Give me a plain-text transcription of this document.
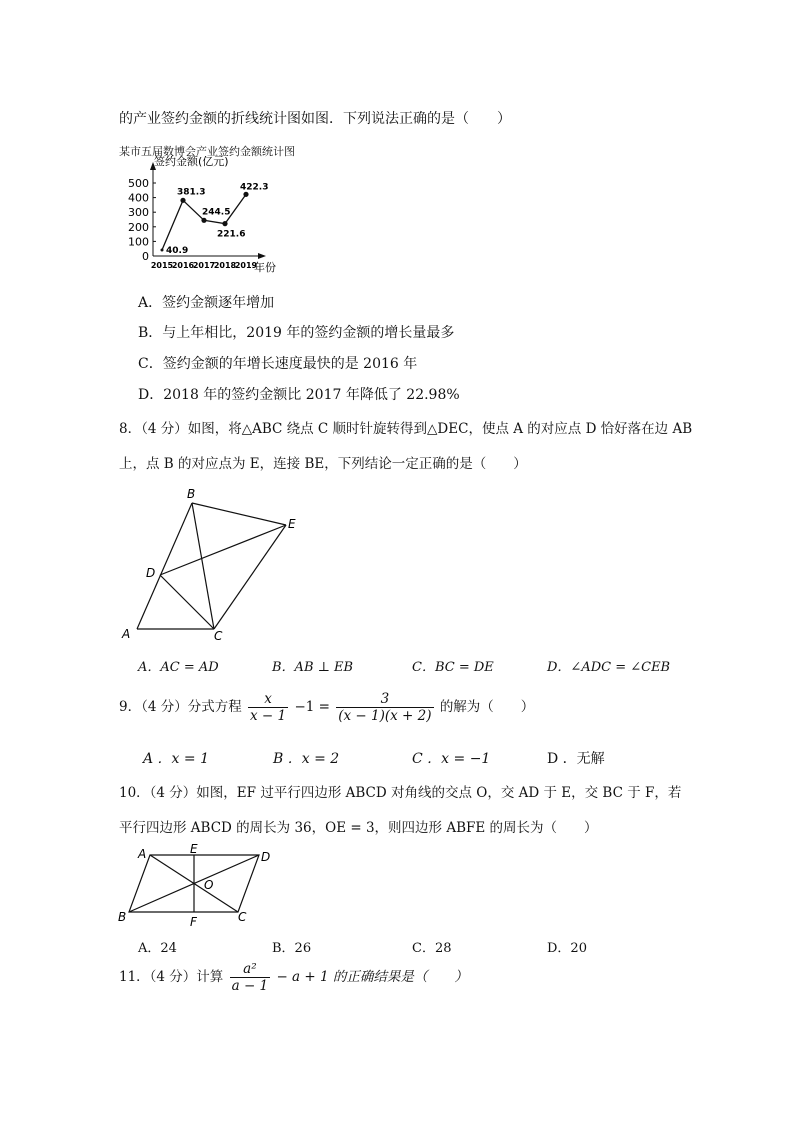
的产业签约金额的折线统计图如图．下列说法正确的是（　　）
某市五届数博会产业签约金额统计图
签约金额(亿元)
年份
0
100
200
300
400
500
2015
2016
2017
2018
2019
40.9
381.3
244.5
221.6
422.3
A．签约金额逐年增加
B．与上年相比，2019 年的签约金额的增长量最多
C．签约金额的年增长速度最快的是 2016 年
D．2018 年的签约金额比 2017 年降低了 22.98%
8．（4 分）如图，将△ABC 绕点 C 顺时针旋转得到△DEC，使点 A 的对应点 D 恰好落在边 AB
上，点 B 的对应点为 E，连接 BE，下列结论一定正确的是（　　）
A
B
C
D
E
A．AC = AD	B．AB ⊥ EB	C．BC = DE	D．∠ADC = ∠CEB
9．（4 分）分式方程 $\frac{x}{x - 1} -1 = \frac{3}{(x - 1)(x + 2)}$ 的解为（　　）
A ．x = 1	B ．x = 2	C ．x = −1	D ．无解
10．（4 分）如图，EF 过平行四边形 ABCD 对角线的交点 O，交 AD 于 E，交 BC 于 F，若
平行四边形 ABCD 的周长为 36，OE = 3，则四边形 ABFE 的周长为（　　）
A	E
D
O
B	F	C
A．24	B．26	C．28	D．20
11．（4 分）计算 $\frac{\text{a²}}{a - 1} - a + 1$ 的正确结果是（　　）
